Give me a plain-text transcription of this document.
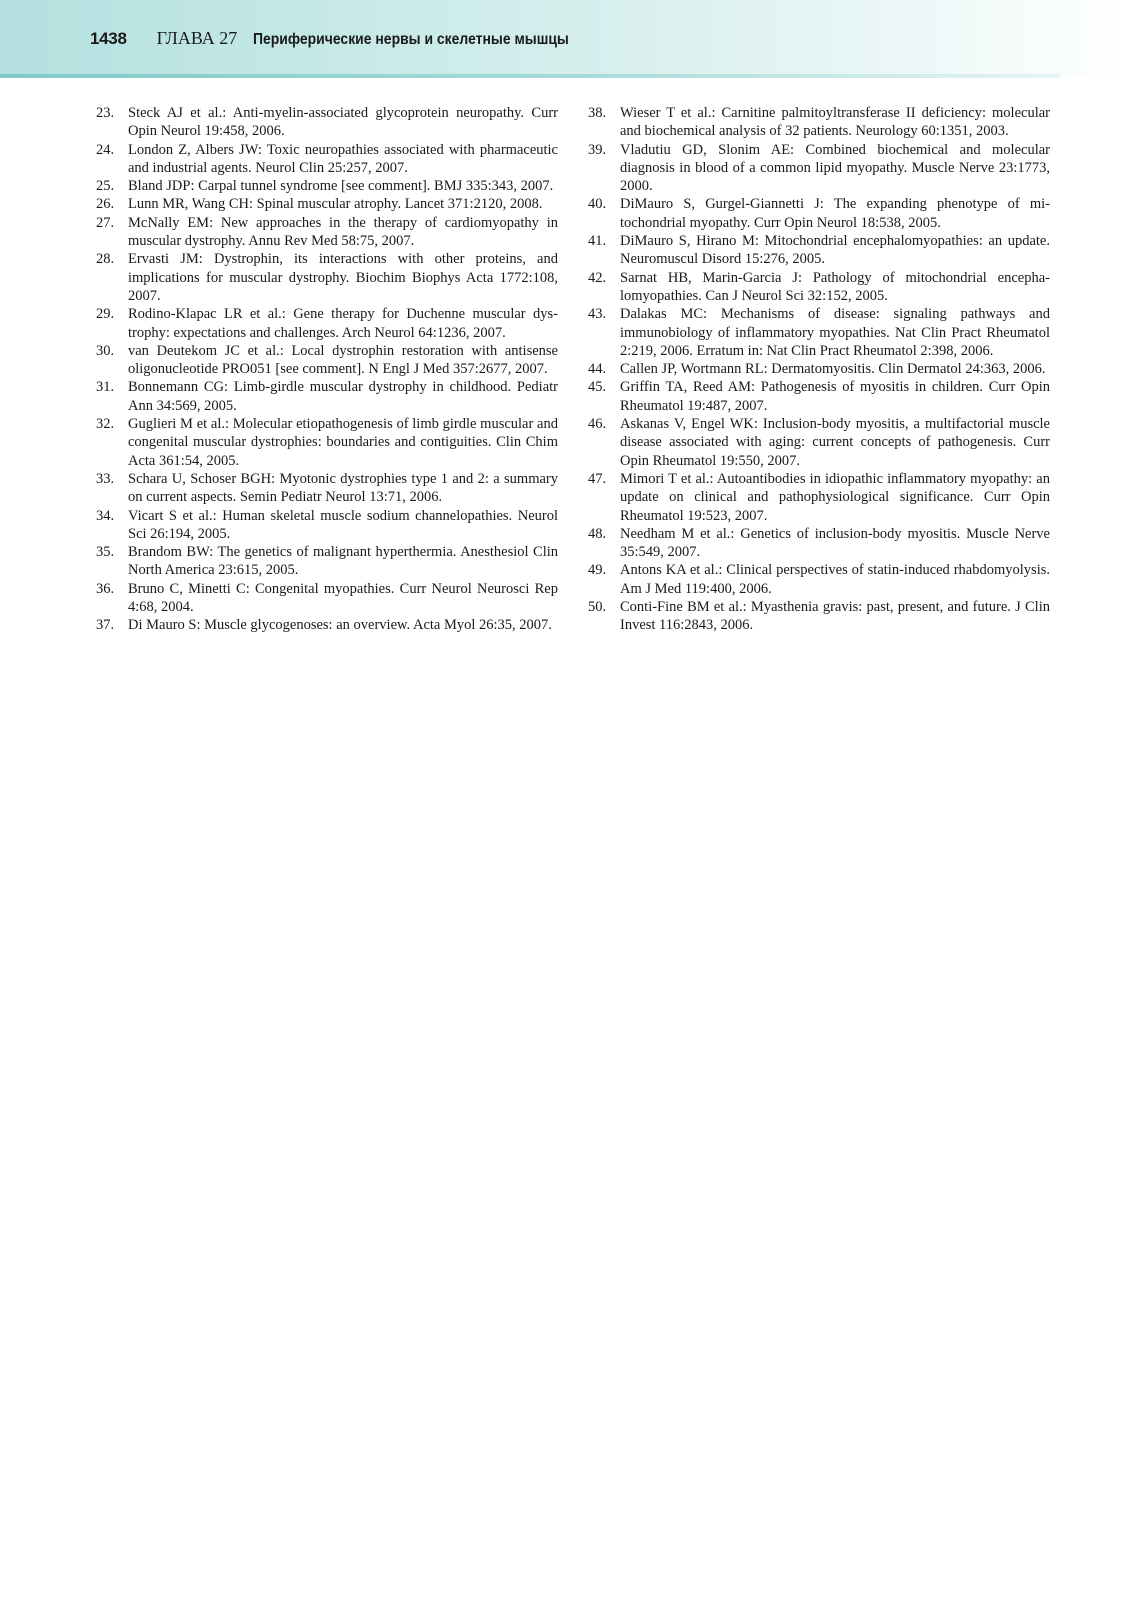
1438 ГЛАВА 27 Периферические нервы и скелетные мышцы
23. Steck AJ et al.: Anti-myelin-associated glycoprotein neuropathy. Curr Opin Neurol 19:458, 2006.
24. London Z, Albers JW: Toxic neuropathies associated with pharmaceutic and industrial agents. Neurol Clin 25:257, 2007.
25. Bland JDP: Carpal tunnel syndrome [see comment]. BMJ 335:343, 2007.
26. Lunn MR, Wang CH: Spinal muscular atrophy. Lancet 371:2120, 2008.
27. McNally EM: New approaches in the therapy of cardiomyopathy in muscular dystrophy. Annu Rev Med 58:75, 2007.
28. Ervasti JM: Dystrophin, its interactions with other proteins, and implications for muscular dystrophy. Biochim Biophys Acta 1772:108, 2007.
29. Rodino-Klapac LR et al.: Gene therapy for Duchenne muscular dystrophy: expectations and challenges. Arch Neurol 64:1236, 2007.
30. van Deutekom JC et al.: Local dystrophin restoration with antisense oligonucleotide PRO051 [see comment]. N Engl J Med 357:2677, 2007.
31. Bonnemann CG: Limb-girdle muscular dystrophy in childhood. Pediatr Ann 34:569, 2005.
32. Guglieri M et al.: Molecular etiopathogenesis of limb girdle muscular and congenital muscular dystrophies: boundaries and contiguities. Clin Chim Acta 361:54, 2005.
33. Schara U, Schoser BGH: Myotonic dystrophies type 1 and 2: a summary on current aspects. Semin Pediatr Neurol 13:71, 2006.
34. Vicart S et al.: Human skeletal muscle sodium channelopathies. Neurol Sci 26:194, 2005.
35. Brandom BW: The genetics of malignant hyperthermia. Anesthesiol Clin North America 23:615, 2005.
36. Bruno C, Minetti C: Congenital myopathies. Curr Neurol Neurosci Rep 4:68, 2004.
37. Di Mauro S: Muscle glycogenoses: an overview. Acta Myol 26:35, 2007.
38. Wieser T et al.: Carnitine palmitoyltransferase II deficiency: molecular and biochemical analysis of 32 patients. Neurology 60:1351, 2003.
39. Vladutiu GD, Slonim AE: Combined biochemical and molecular diagnosis in blood of a common lipid myopathy. Muscle Nerve 23:1773, 2000.
40. DiMauro S, Gurgel-Giannetti J: The expanding phenotype of mitochondrial myopathy. Curr Opin Neurol 18:538, 2005.
41. DiMauro S, Hirano M: Mitochondrial encephalomyopathies: an update. Neuromuscul Disord 15:276, 2005.
42. Sarnat HB, Marin-Garcia J: Pathology of mitochondrial encephalomyopathies. Can J Neurol Sci 32:152, 2005.
43. Dalakas MC: Mechanisms of disease: signaling pathways and immunobiology of inflammatory myopathies. Nat Clin Pract Rheumatol 2:219, 2006. Erratum in: Nat Clin Pract Rheumatol 2:398, 2006.
44. Callen JP, Wortmann RL: Dermatomyositis. Clin Dermatol 24:363, 2006.
45. Griffin TA, Reed AM: Pathogenesis of myositis in children. Curr Opin Rheumatol 19:487, 2007.
46. Askanas V, Engel WK: Inclusion-body myositis, a multifactorial muscle disease associated with aging: current concepts of pathogenesis. Curr Opin Rheumatol 19:550, 2007.
47. Mimori T et al.: Autoantibodies in idiopathic inflammatory myopathy: an update on clinical and pathophysiological significance. Curr Opin Rheumatol 19:523, 2007.
48. Needham M et al.: Genetics of inclusion-body myositis. Muscle Nerve 35:549, 2007.
49. Antons KA et al.: Clinical perspectives of statin-induced rhabdomyolysis. Am J Med 119:400, 2006.
50. Conti-Fine BM et al.: Myasthenia gravis: past, present, and future. J Clin Invest 116:2843, 2006.
